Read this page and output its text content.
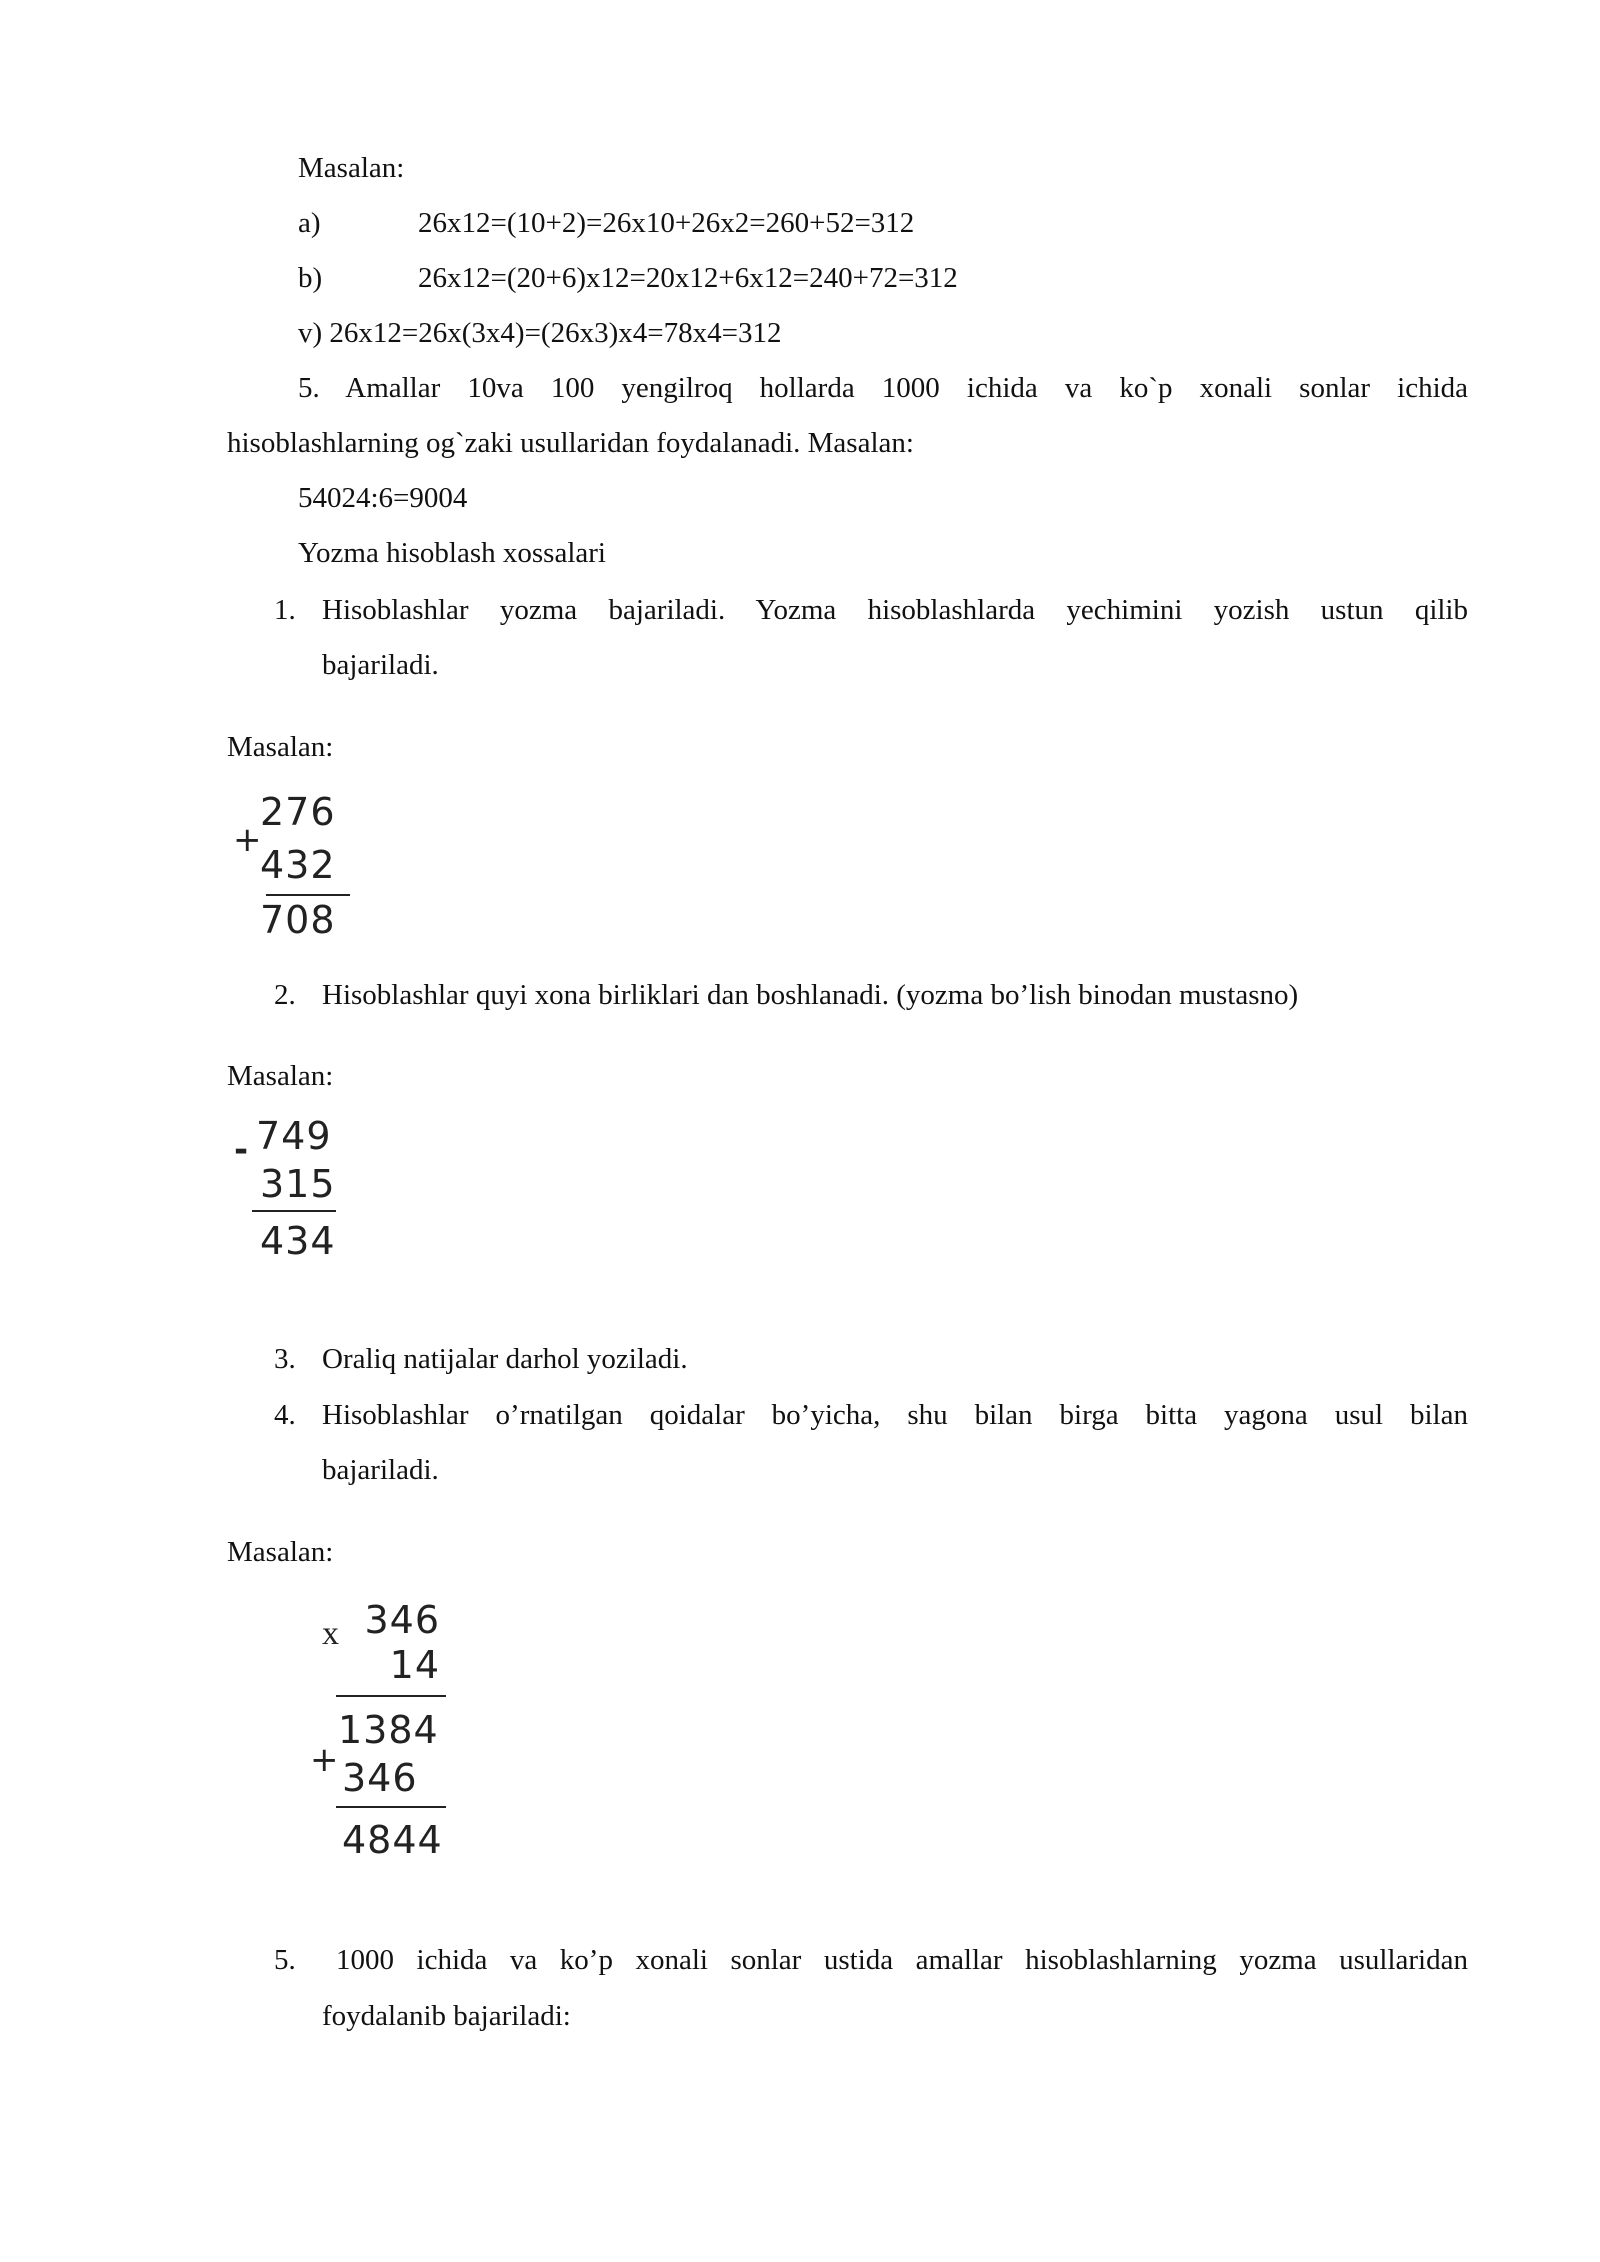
Masalan:
a)	26x12=(10+2)=26x10+26x2=260+52=312
b)	26x12=(20+6)x12=20x12+6x12=240+72=312
v) 26x12=26x(3x4)=(26x3)x4=78x4=312
5. Amallar 10va 100 yengilroq hollarda 1000 ichida va ko`p xonali sonlar ichida
hisoblashlarning og`zaki usullaridan foydalanadi. Masalan:
54024:6=9004
Yozma hisoblash xossalari
1. Hisoblashlar yozma bajariladi. Yozma hisoblashlarda yechimini yozish ustun qilib
bajariladi.
Masalan:
+
276
432
708
2. Hisoblashlar quyi xona birliklari dan boshlanadi. (yozma bo’lish binodan mustasno)
Masalan:
- 749
315
434
3. Oraliq natijalar darhol yoziladi.
4. Hisoblashlar o’rnatilgan qoidalar bo’yicha, shu bilan birga bitta yagona usul bilan
bajariladi.
Masalan:
x 346
14
+
1384
346
4844
5. 1000 ichida va ko’p xonali sonlar ustida amallar hisoblashlarning yozma usullaridan
foydalanib bajariladi:
